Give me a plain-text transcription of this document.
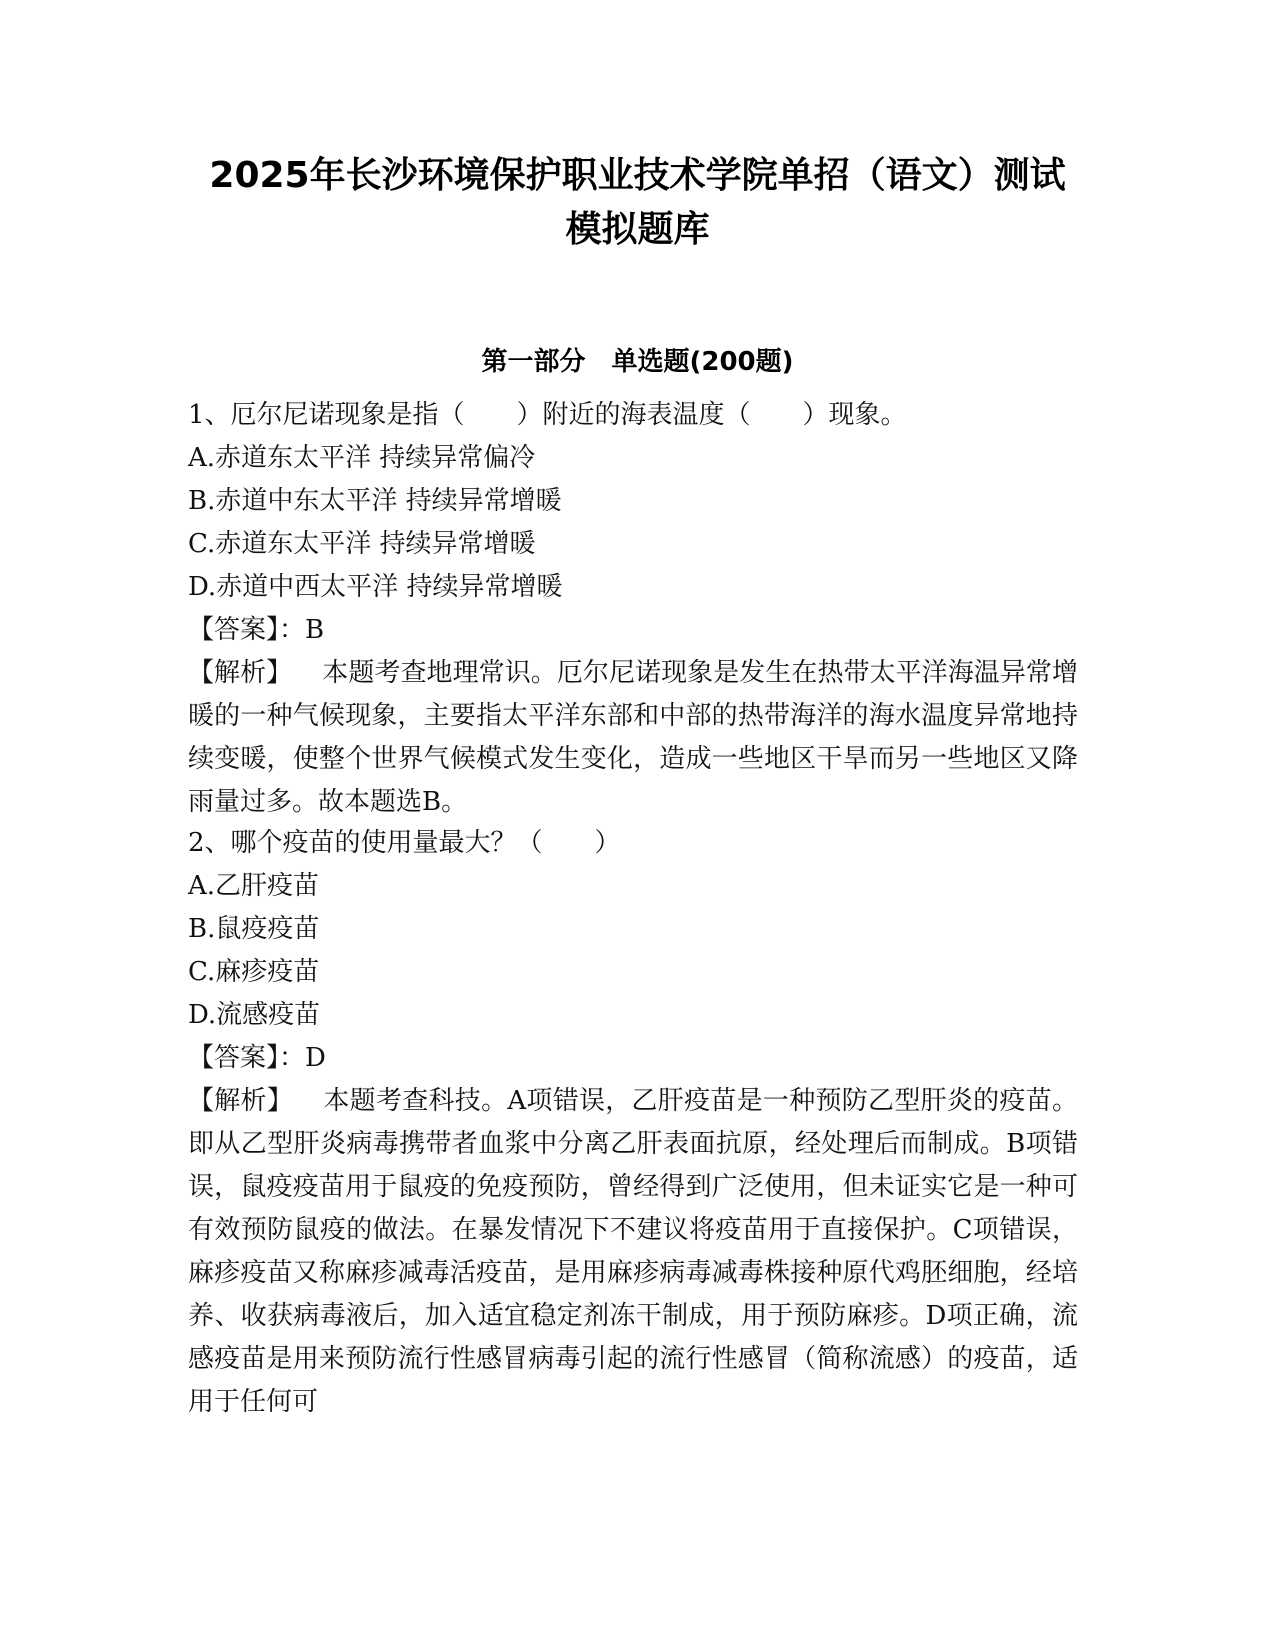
2025年长沙环境保护职业技术学院单招（语文）测试
模拟题库
第一部分　单选题(200题)

1、厄尔尼诺现象是指（　　）附近的海表温度（　　）现象。

A.赤道东太平洋 持续异常偏冷

B.赤道中东太平洋 持续异常增暖

C.赤道东太平洋 持续异常增暖

D.赤道中西太平洋 持续异常增暖

【答案】：B

【解析】 本题考查地理常识。厄尔尼诺现象是发生在热带太平洋海温异常增暖的一种气候现象，主要指太平洋东部和中部的热带海洋的海水温度异常地持续变暖，使整个世界气候模式发生变化，造成一些地区干旱而另一些地区又降雨量过多。故本题选B。

2、哪个疫苗的使用量最大？（　　）

A.乙肝疫苗

B.鼠疫疫苗

C.麻疹疫苗

D.流感疫苗

【答案】：D

【解析】 本题考查科技。A项错误，乙肝疫苗是一种预防乙型肝炎的疫苗。即从乙型肝炎病毒携带者血浆中分离乙肝表面抗原，经处理后而制成。B项错误，鼠疫疫苗用于鼠疫的免疫预防，曾经得到广泛使用，但未证实它是一种可有效预防鼠疫的做法。在暴发情况下不建议将疫苗用于直接保护。C项错误，麻疹疫苗又称麻疹减毒活疫苗，是用麻疹病毒减毒株接种原代鸡胚细胞，经培养、收获病毒液后，加入适宜稳定剂冻干制成，用于预防麻疹。D项正确，流感疫苗是用来预防流行性感冒病毒引起的流行性感冒（简称流感）的疫苗，适用于任何可
